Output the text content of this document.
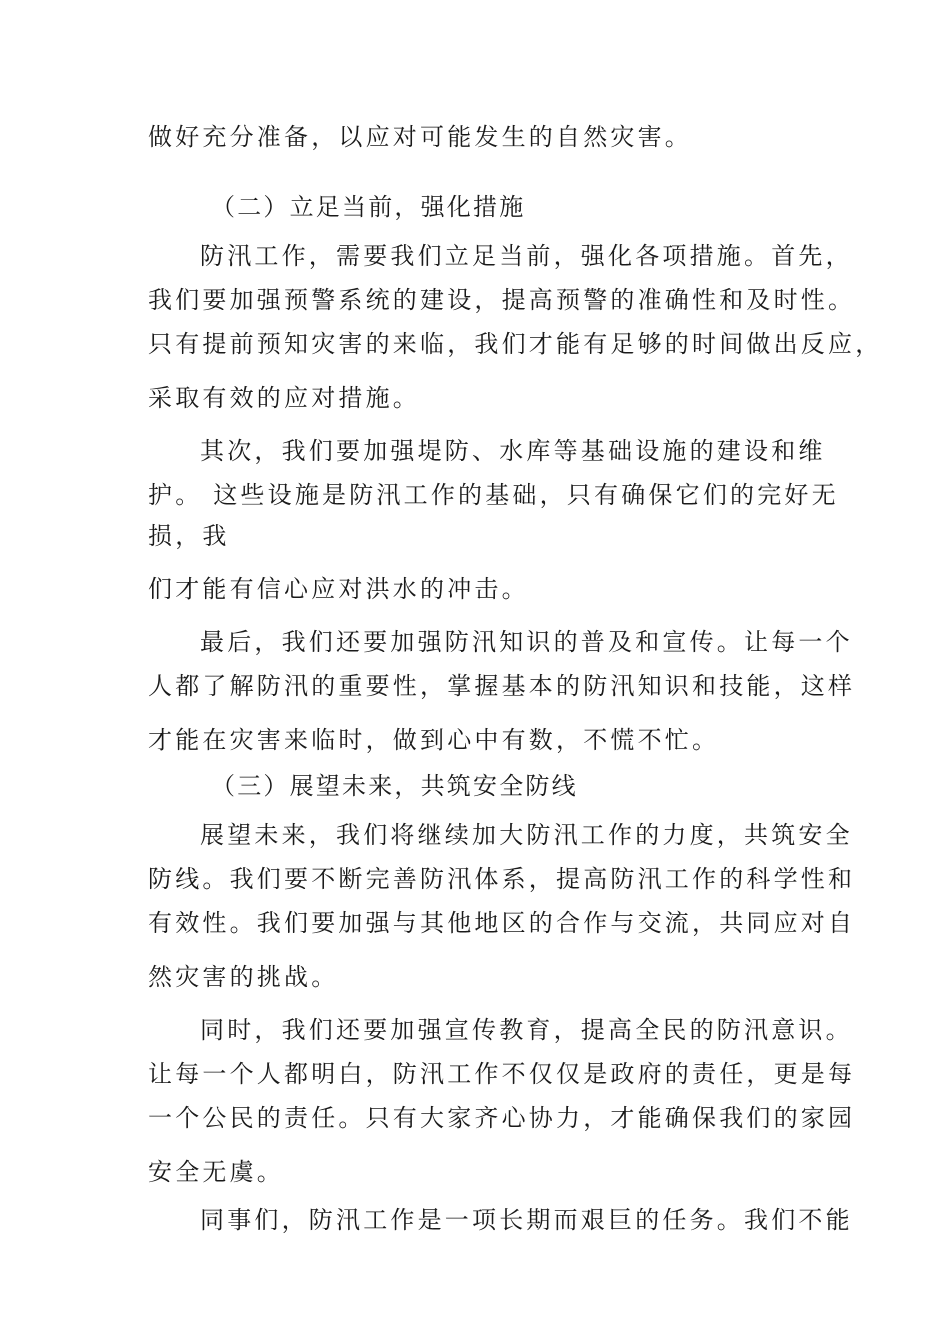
做好充分准备，以应对可能发生的自然灾害。

（二）立足当前，强化措施

防汛工作，需要我们立足当前，强化各项措施。首先，

我们要加强预警系统的建设，提高预警的准确性和及时性。

只有提前预知灾害的来临，我们才能有足够的时间做出反应，

采取有效的应对措施。

其次，我们要加强堤防、水库等基础设施的建设和维

护。 这些设施是防汛工作的基础，只有确保它们的完好无

损，我

们才能有信心应对洪水的冲击。

最后，我们还要加强防汛知识的普及和宣传。让每一个

人都了解防汛的重要性，掌握基本的防汛知识和技能，这样

才能在灾害来临时，做到心中有数，不慌不忙。

（三）展望未来，共筑安全防线

展望未来，我们将继续加大防汛工作的力度，共筑安全

防线。我们要不断完善防汛体系，提高防汛工作的科学性和

有效性。我们要加强与其他地区的合作与交流，共同应对自

然灾害的挑战。

同时，我们还要加强宣传教育，提高全民的防汛意识。

让每一个人都明白，防汛工作不仅仅是政府的责任，更是每

一个公民的责任。只有大家齐心协力，才能确保我们的家园

安全无虞。

同事们，防汛工作是一项长期而艰巨的任务。我们不能
